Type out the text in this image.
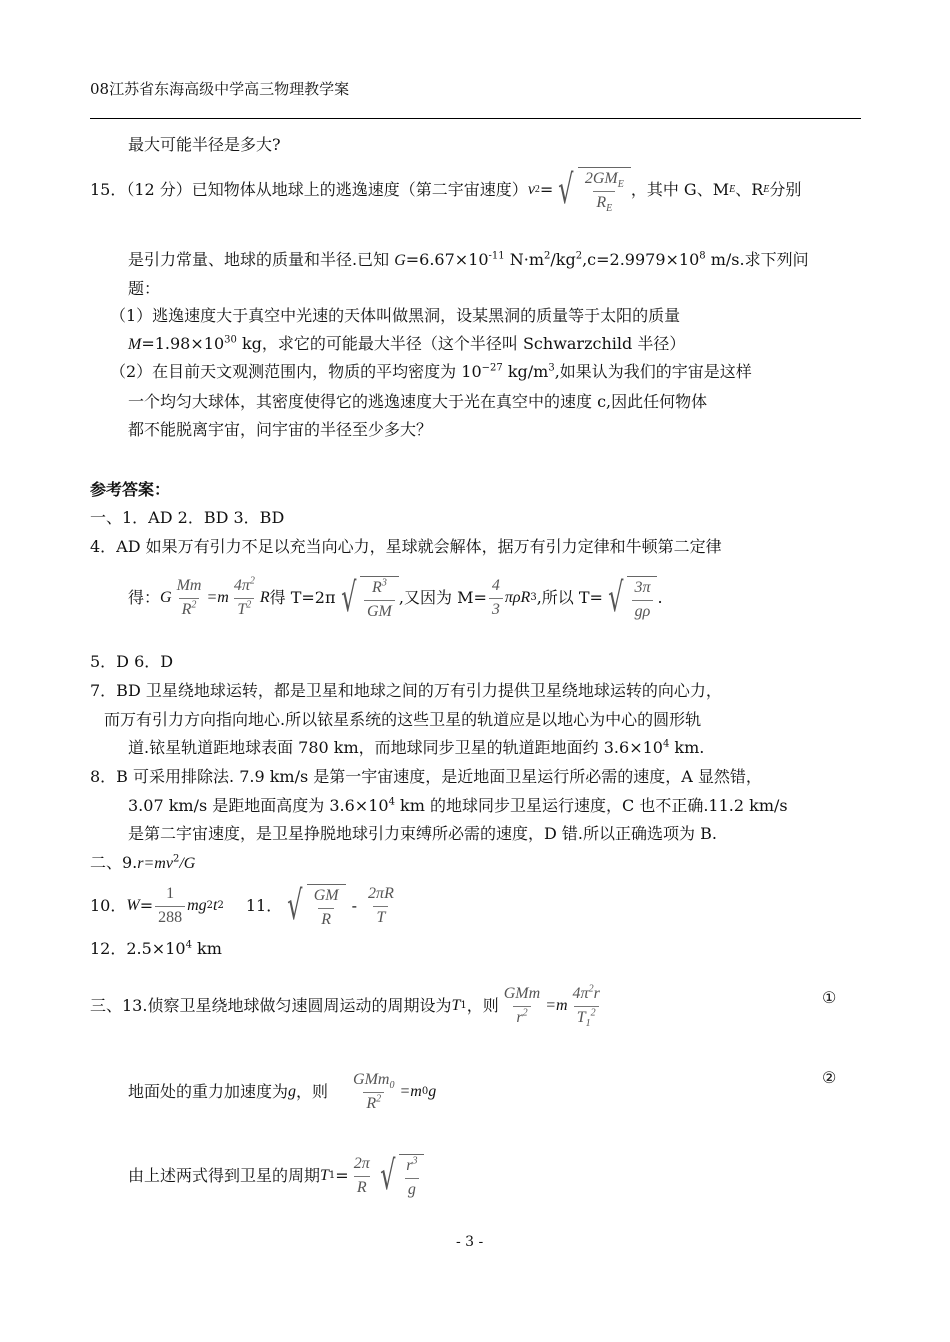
08江苏省东海高级中学高三物理教学案
最大可能半径是多大?
15．（12 分）已知物体从地球上的逃逸速度（第二宇宙速度） v 2 = √ $\frac{2GM_E}{R_E}$ ，其中 G、M E 、R E 分别
是引力常量、地球的质量和半径.已知 $G=6.67\times 10^{-11}$ $N\cdot m^2/kg^2,c=2.9979\times 10^8$ m/s.求下列问
题：
（1）逃逸速度大于真空中光速的天体叫做黑洞，设某黑洞的质量等于太阳的质量
$M=1.98\times 10^{30}$ kg，求它的可能最大半径（这个半径叫 Schwarzchild 半径）
（2）在目前天文观测范围内，物质的平均密度为 $10^{-27}$ $kg/m^3$,如果认为我们的宇宙是这样
一个均匀大球体，其密度使得它的逃逸速度大于光在真空中的速度 c,因此任何物体
都不能脱离宇宙，问宇宙的半径至少多大？
参考答案：
一、1．AD 2．BD 3．BD
4．AD 如果万有引力不足以充当向心力，星球就会解体，据万有引力定律和牛顿第二定律
得： G $\frac{Mm}{R^2} =m \frac{4\pi^2}{T^2}$ R 得 T=2π √ $\frac{R^3}{GM}$ ,又因为 $M= \frac{4}{3}$ πρR 3 ,所以 T= √ $\frac{3\pi}{g\rho}$ .
5．D 6．D
7．BD 卫星绕地球运转，都是卫星和地球之间的万有引力提供卫星绕地球运转的向心力，
而万有引力方向指向地心.所以铱星系统的这些卫星的轨道应是以地心为中心的圆形轨
道.铱星轨道距地球表面 780 km，而地球同步卫星的轨道距地面约 $3.6\times 10^4$ km.
8．B 可采用排除法. 7.9 km/s 是第一宇宙速度，是近地面卫星运行所必需的速度，A 显然错，
3.07 km/s 是距地面高度为 $3.6\times 10^4$ km 的地球同步卫星运行速度，C 也不正确.11.2 km/s
是第二宇宙速度，是卫星挣脱地球引力束缚所必需的速度，D 错.所以正确选项为 B.
二、$9.r=mv^2/G$
10． $W = \frac{1}{288}$ mg 2 t 2 11． √ $\frac{GM}{R} - \frac{2\pi R}{T}$
12．$2.5\times 10^4$ km
三、13.侦察卫星绕地球做匀速圆周运动的周期设为 T 1 ，则 $\frac{\text{GMm}}{r^2} =m \frac{4\pi^2r}{T_1^2}$	①
地面处的重力加速度为 g ，则 $\frac{GMm_0}{R^2} =m$ 0 g
②
由上述两式得到卫星的周期 T $1 = \frac{2\pi}{R}$ √ $\frac{r^3}{g}$
- 3 -
